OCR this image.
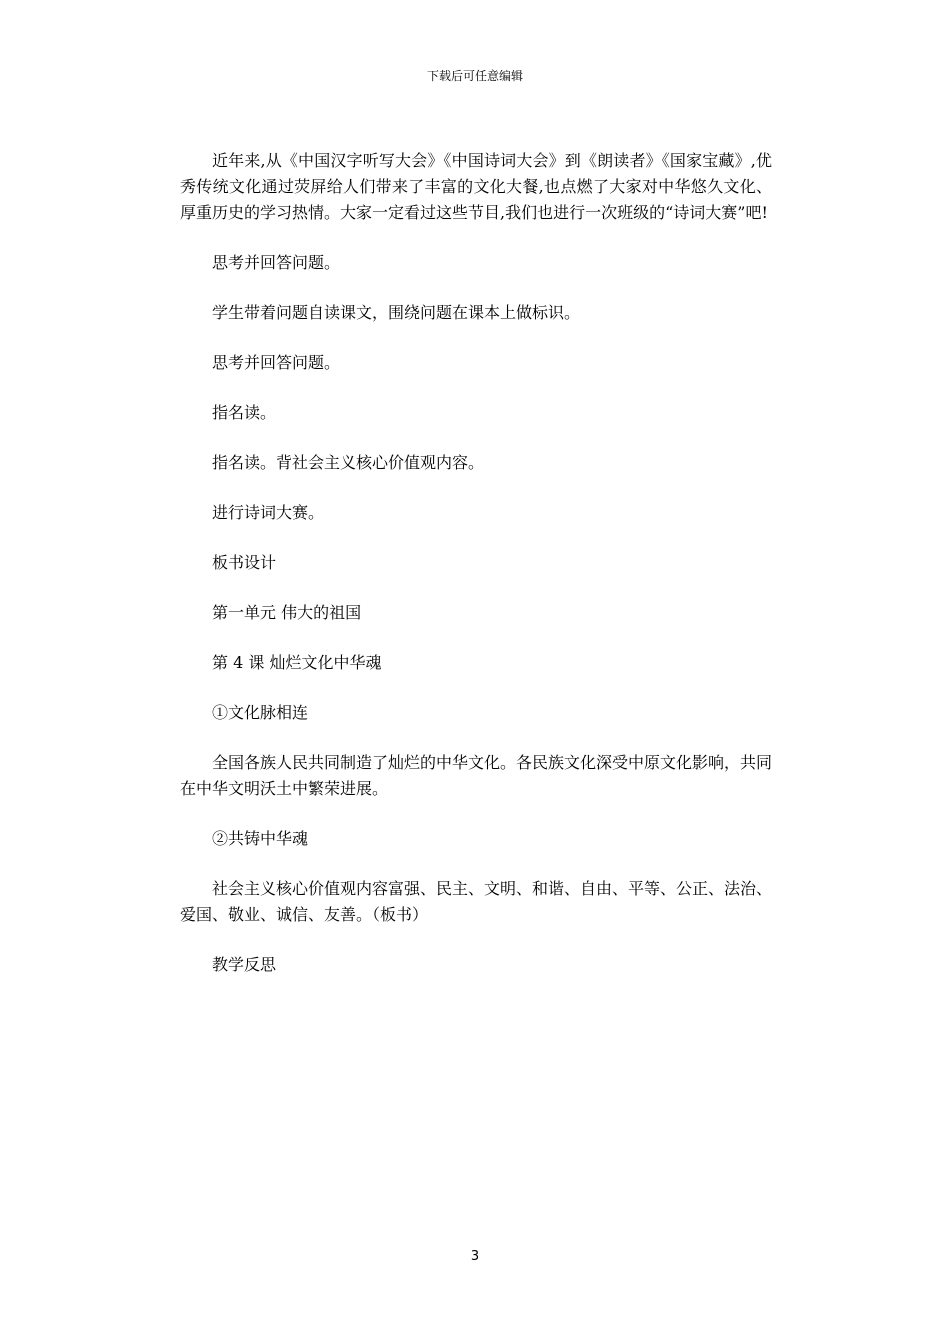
下载后可任意编辑

近年来,从《中国汉字听写大会》《中国诗词大会》到《朗读者》《国家宝藏》,优秀传统文化通过荧屏给人们带来了丰富的文化大餐,也点燃了大家对中华悠久文化、厚重历史的学习热情。大家一定看过这些节目,我们也进行一次班级的“诗词大赛”吧!

思考并回答问题。

学生带着问题自读课文，围绕问题在课本上做标识。

思考并回答问题。

指名读。

指名读。背社会主义核心价值观内容。

进行诗词大赛。

板书设计

第一单元 伟大的祖国

第 4 课 灿烂文化中华魂

①文化脉相连

全国各族人民共同制造了灿烂的中华文化。各民族文化深受中原文化影响，共同在中华文明沃土中繁荣进展。

②共铸中华魂

社会主义核心价值观内容富强、民主、文明、和谐、自由、平等、公正、法治、爱国、敬业、诚信、友善。（板书）

教学反思

3
